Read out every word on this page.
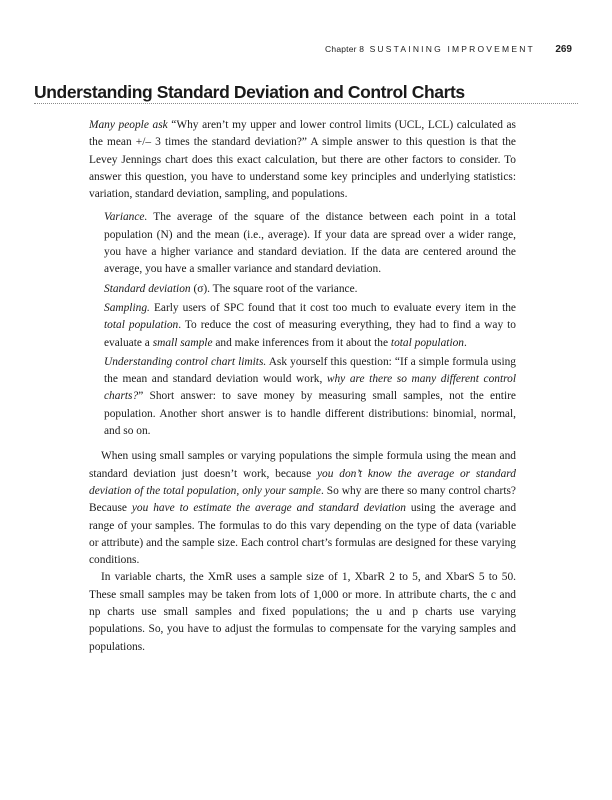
Chapter 8 SUSTAINING IMPROVEMENT 269
Understanding Standard Deviation and Control Charts

Many people ask “Why aren’t my upper and lower control limits (UCL, LCL) calculated as the mean +/– 3 times the standard deviation?” A simple answer to this question is that the Levey Jennings chart does this exact calculation, but there are other factors to consider. To answer this question, you have to understand some key principles and underlying statistics: variation, standard deviation, sampling, and populations.

Variance. The average of the square of the distance between each point in a total population (N) and the mean (i.e., average). If your data are spread over a wider range, you have a higher variance and standard deviation. If the data are centered around the average, you have a smaller variance and standard deviation.

Standard deviation (σ). The square root of the variance.

Sampling. Early users of SPC found that it cost too much to evaluate every item in the total population. To reduce the cost of measuring everything, they had to find a way to evaluate a small sample and make inferences from it about the total population.

Understanding control chart limits. Ask yourself this question: “If a simple formula using the mean and standard deviation would work, why are there so many different control charts?” Short answer: to save money by measuring small samples, not the entire population. Another short answer is to handle different distributions: binomial, normal, and so on.

When using small samples or varying populations the simple formula using the mean and standard deviation just doesn’t work, because you don’t know the average or standard deviation of the total population, only your sample. So why are there so many control charts? Because you have to estimate the average and standard deviation using the average and range of your samples. The formulas to do this vary depending on the type of data (variable or attribute) and the sample size. Each control chart’s formulas are designed for these varying conditions.

In variable charts, the XmR uses a sample size of 1, XbarR 2 to 5, and XbarS 5 to 50. These small samples may be taken from lots of 1,000 or more. In attribute charts, the c and np charts use small samples and fixed populations; the u and p charts use varying populations. So, you have to adjust the formulas to compensate for the varying samples and populations.
